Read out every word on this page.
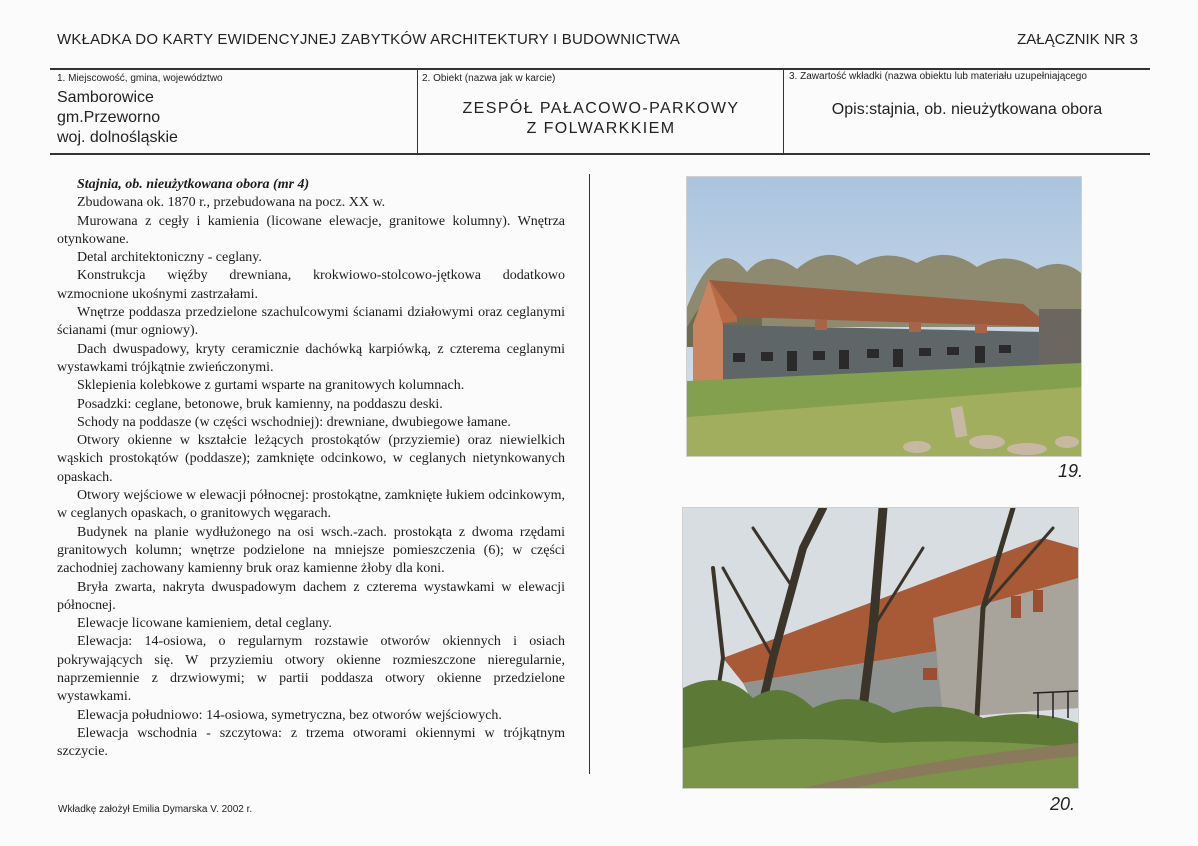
WKŁADKA DO KARTY EWIDENCYJNEJ ZABYTKÓW ARCHITEKTURY I BUDOWNICTWA	ZAŁĄCZNIK NR 3
1. Miejscowość, gmina, województwo
Samborowice
gm.Przeworno
woj. dolnośląskie
2. Obiekt (nazwa jak w karcie)
ZESPÓŁ PAŁACOWO-PARKOWY
Z FOLWARKKIEM
3. Zawartość wkładki (nazwa obiektu lub materiału uzupełniającego
Opis:stajnia, ob. nieużytkowana obora

Stajnia, ob. nieużytkowana obora (mr 4)

Zbudowana ok. 1870 r., przebudowana na pocz. XX w.

Murowana z cegły i kamienia (licowane elewacje, granitowe kolumny). Wnętrza otynkowane.

Detal architektoniczny - ceglany.

Konstrukcja więźby drewniana, krokwiowo-stolcowo-jętkowa dodatkowo wzmocnione ukośnymi zastrzałami.

Wnętrze poddasza przedzielone szachulcowymi ścianami działowymi oraz ceglanymi ścianami (mur ogniowy).

Dach dwuspadowy, kryty ceramicznie dachówką karpiówką, z czterema ceglanymi wystawkami trójkątnie zwieńczonymi.

Sklepienia kolebkowe z gurtami wsparte na granitowych kolumnach.

Posadzki: ceglane, betonowe, bruk kamienny, na poddaszu deski.

Schody na poddasze (w części wschodniej): drewniane, dwubiegowe łamane.

Otwory okienne w kształcie leżących prostokątów (przyziemie) oraz niewielkich wąskich prostokątów (poddasze); zamknięte odcinkowo, w ceglanych nietynkowanych opaskach.

Otwory wejściowe w elewacji północnej: prostokątne, zamknięte łukiem odcinkowym, w ceglanych opaskach, o granitowych węgarach.

Budynek na planie wydłużonego na osi wsch.-zach. prostokąta z dwoma rzędami granitowych kolumn; wnętrze podzielone na mniejsze pomieszczenia (6); w części zachodniej zachowany kamienny bruk oraz kamienne żłoby dla koni.

Bryła zwarta, nakryta dwuspadowym dachem z czterema wystawkami w elewacji północnej.

Elewacje licowane kamieniem, detal ceglany.

Elewacja: 14-osiowa, o regularnym rozstawie otworów okiennych i osiach pokrywających się. W przyziemiu otwory okienne rozmieszczone nieregularnie, naprzemiennie z drzwiowymi; w partii poddasza otwory okienne przedzielone wystawkami.

Elewacja południowo: 14-osiowa, symetryczna, bez otworów wejściowych.

Elewacja wschodnia - szczytowa: z trzema otworami okiennymi w trójkątnym szczycie.

19.
20.
Wkładkę założył Emilia Dymarska V. 2002 r.
